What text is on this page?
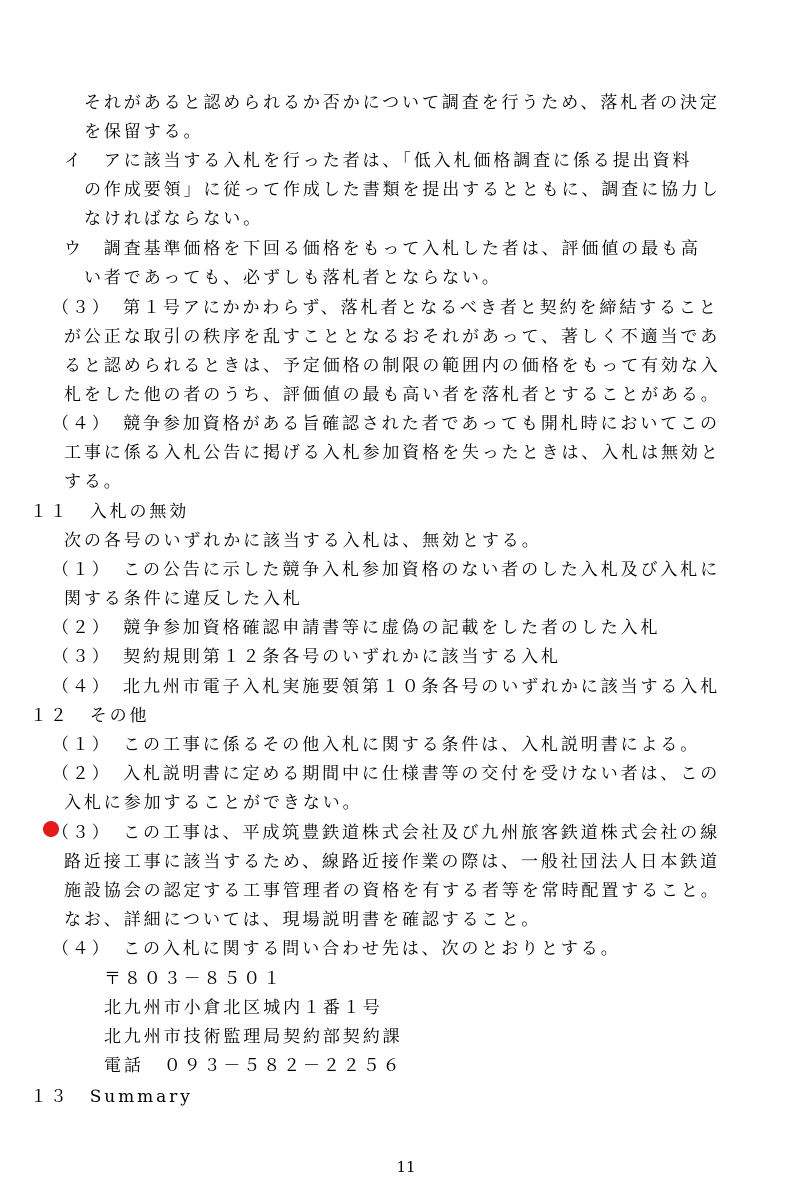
それがあると認められるか否かについて調査を行うため、落札者の決定
を保留する。
イ　アに該当する入札を行った者は、「低入札価格調査に係る提出資料
の作成要領」に従って作成した書類を提出するとともに、調査に協力し
なければならない。
ウ　調査基準価格を下回る価格をもって入札した者は、評価値の最も高
い者であっても、必ずしも落札者とならない。
（３）　第１号アにかかわらず、落札者となるべき者と契約を締結すること
が公正な取引の秩序を乱すこととなるおそれがあって、著しく不適当であ
ると認められるときは、予定価格の制限の範囲内の価格をもって有効な入
札をした他の者のうち、評価値の最も高い者を落札者とすることがある。
（４）　競争参加資格がある旨確認された者であっても開札時においてこの
工事に係る入札公告に掲げる入札参加資格を失ったときは、入札は無効と
する。
１１　入札の無効
次の各号のいずれかに該当する入札は、無効とする。
（１）　この公告に示した競争入札参加資格のない者のした入札及び入札に
関する条件に違反した入札
（２）　競争参加資格確認申請書等に虚偽の記載をした者のした入札
（３）　契約規則第１２条各号のいずれかに該当する入札
（４）　北九州市電子入札実施要領第１０条各号のいずれかに該当する入札
１２　その他
（１）　この工事に係るその他入札に関する条件は、入札説明書による。
（２）　入札説明書に定める期間中に仕様書等の交付を受けない者は、この
入札に参加することができない。
（３）　この工事は、平成筑豊鉄道株式会社及び九州旅客鉄道株式会社の線
路近接工事に該当するため、線路近接作業の際は、一般社団法人日本鉄道
施設協会の認定する工事管理者の資格を有する者等を常時配置すること。
なお、詳細については、現場説明書を確認すること。
（４）　この入札に関する問い合わせ先は、次のとおりとする。
〒８０３－８５０１
北九州市小倉北区城内１番１号
北九州市技術監理局契約部契約課
電話　０９３－５８２－２２５６
１３　Summary
11
